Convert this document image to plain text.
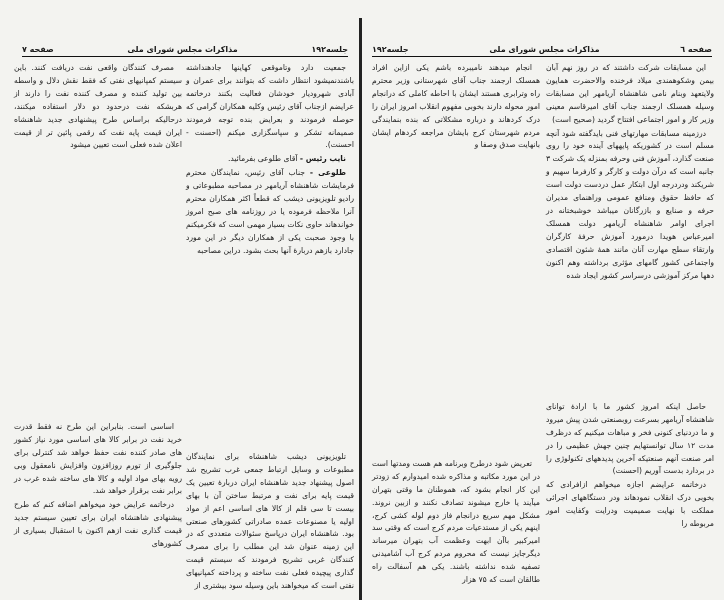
صفحه ۷	مذاکرات مجلس شورای ملی	جلسه۱۹۲

جمعیت دارد وتاموقعی کهاینها جادهنداشته باشندنمیشود انتظار داشت که بتوانند برای عمران و آبادی شهرودیار خودشان فعالیت بکنند درخاتمه عرایضم ازجناب آقای رئیس وکلیه همکاران گرامی که حوصله فرمودند و بعرایض بنده توجه فرمودند صمیمانه تشکر و سپاسگزاری میکنم (احسنت - احسنت).

نایب رئیس - آقای طلوعی بفرمائید.

طلوعی - جناب آقای رئیس، نمایندگان محترم فرمایشات شاهنشاه آریامهر در مصاحبه مطبوعاتی و رادیو تلویزیونی دیشب که قطعاً اکثر همکاران محترم آنرا ملاحظه فرموده یا در روزنامه های صبح امروز خواندهاند حاوی نکات بسیار مهمی است که فکرمیکنم با وجود صحبت یکی از همکاران دیگر در این مورد جادارد بازهم دربارهٔ آنها بحث بشود. دراین مصاحبه

تلویزیونی دیشب شاهنشاه برای نمایندگان مطبوعات و وسایل ارتباط جمعی غرب تشریح شد اصول پیشنهاد جدید شاهنشاه ایران دربارهٔ تعیین یک قیمت پایه برای نفت و مرتبط ساختن آن با بهای بیست تا سی قلم از کالا های اساسی اعم از مواد اولیه یا مصنوعات عمده صادراتی کشورهای صنعتی بود. شاهنشاه ایران درپاسخ سئوالات متعددی که در این زمینه عنوان شد این مطلب را برای مصرف کنندگان غربی تشریح فرمودند که سیستم قیمت گذاری پیچیده فعلی نفت ساخته و پرداخته کمپانیهای نفتی است که میخواهند باین وسیله سود بیشتری از

مصرف کنندگان واقعی نفت دریافت کنند. باین سیستم کمپانیهای نفتی که فقط نقش دلال و واسطه بین تولید کننده و مصرف کننده نفت را دارند از هربشکه نفت درحدود دو دلار استفاده میکنند، درحالیکه براساس طرح پیشنهادی جدید شاهنشاه ایران قیمت پایه نفت که رقمی پائین تر از قیمت اعلان شده فعلی است تعیین میشود

اساسی است. بنابراین این طرح نه فقط قدرت خرید نفت در برابر کالا های اساسی مورد نیاز کشور های صادر کننده نفت حفظ خواهد شد کنترلی برای جلوگیری از تورم روزافزون وافزایش نامعقول وبی رویه بهای مواد اولیه و کالا های ساخته شده غرب در برابر نفت برقرار خواهد شد.

درخاتمه عرایض خود میخواهم اضافه کنم که طرح پیشنهادی شاهنشاه ایران برای تعیین سیستم جدید قیمت گذاری نفت ازهم اکنون با استقبال بسیاری از کشورهای

جلسه۱۹۲	مذاکرات مجلس شورای ملی	صفحه ٦

این مسابقات شرکت داشتند که در روز نهم آبان بیمن وشکوهمندی میلاد فرخنده والاحضرت همایون ولایتعهد وبنام نامی شاهنشاه آریامهر این مسابقات وسیله همسلک ارجمند جناب آقای امیرقاسم معینی وزیر کار و امور اجتماعی افتتاح گردید (صحیح است)

درزمینه مسابقات مهارتهای فنی بایدگفته شود آنچه مسلم است در کشوریکه پایههای آینده خود را روی صنعت گذارد، آموزش فنی وحرفه بمنزله یک شرکت ۳ جانبه است که درآن دولت و کارگر و کارفرما سهیم و شریکند ودردرجه اول ابتکار عمل دردست دولت است که حافظ حقوق ومنافع عمومی وراهنمای مدیران حرفه و صنایع و بازرگانان میباشد خوشبختانه در اجرای اوامر شاهنشاه آریامهر دولت همسلک امیرعباس هویدا درمورد آموزش حرفهٔ کارگران وارتقاء سطح مهارت آنان مانند همهٔ شئون اقتصادی واجتماعی کشور گامهای مؤثری برداشته وهم اکنون دهها مرکز آموزشی درسراسر کشور ایجاد شده

حاصل اینکه امروز کشور ما با ارادهٔ توانای شاهنشاه آریامهر بسرعت روبصنعتی شدن پیش میرود و ما دردنیای کنونی فخر و مباهات میکنیم که درظرف مدت ۱۲ سال توانستهایم چنین جهش عظیمی را در امر صنعت آنهم صنعتیکه آخرین پدیدههای تکنولوژی را در بردارد بدست آوریم (احسنت)

درخاتمه عرایضم اجازه میخواهم ازافرادی که بخوبی درک انقلاب نمودهاند ودر دستگاههای اجرائی مملکت با نهایت صمیمیت ودرایت وکفایت امور مربوطه را

انجام میدهند نامیبرده باشم یکی ازاین افراد همسلک ارجمند جناب آقای شهرستانی وزیر محترم راه وترابری هستند ایشان با احاطه کاملی که درانجام امور محوله دارند بخوبی مفهوم انقلاب امروز ایران را درک کردهاند و درباره مشکلاتی که بنده بنمایندگی مردم شهرستان کرج بایشان مراجعه کردهام ایشان بانهایت صدق وصفا و

تعریض شود درطرح وبرنامه هم هست ومدتها است در این مورد مکاتبه و مذاکره شده امیدوارم که زودتر این کار انجام بشود که، هموطنان ما وقتی بتهران میآیند یا خارج میشوند تصادف نکنند و ازبین نروند. مشکل مهم سریع درانجام فاز دوم لوله کشی کرج، اینهم یکی از مستدعیات مردم کرج است که وقتی سد امیرکبیر باآن ابهت وعظمت آب بتهران میرساند دیگرجایز نیست که محروم مردم کرج آب آشامیدنی تصفیه شده نداشته باشند. یکی هم آسفالت راه طالقان است که ۷۵ هزار
